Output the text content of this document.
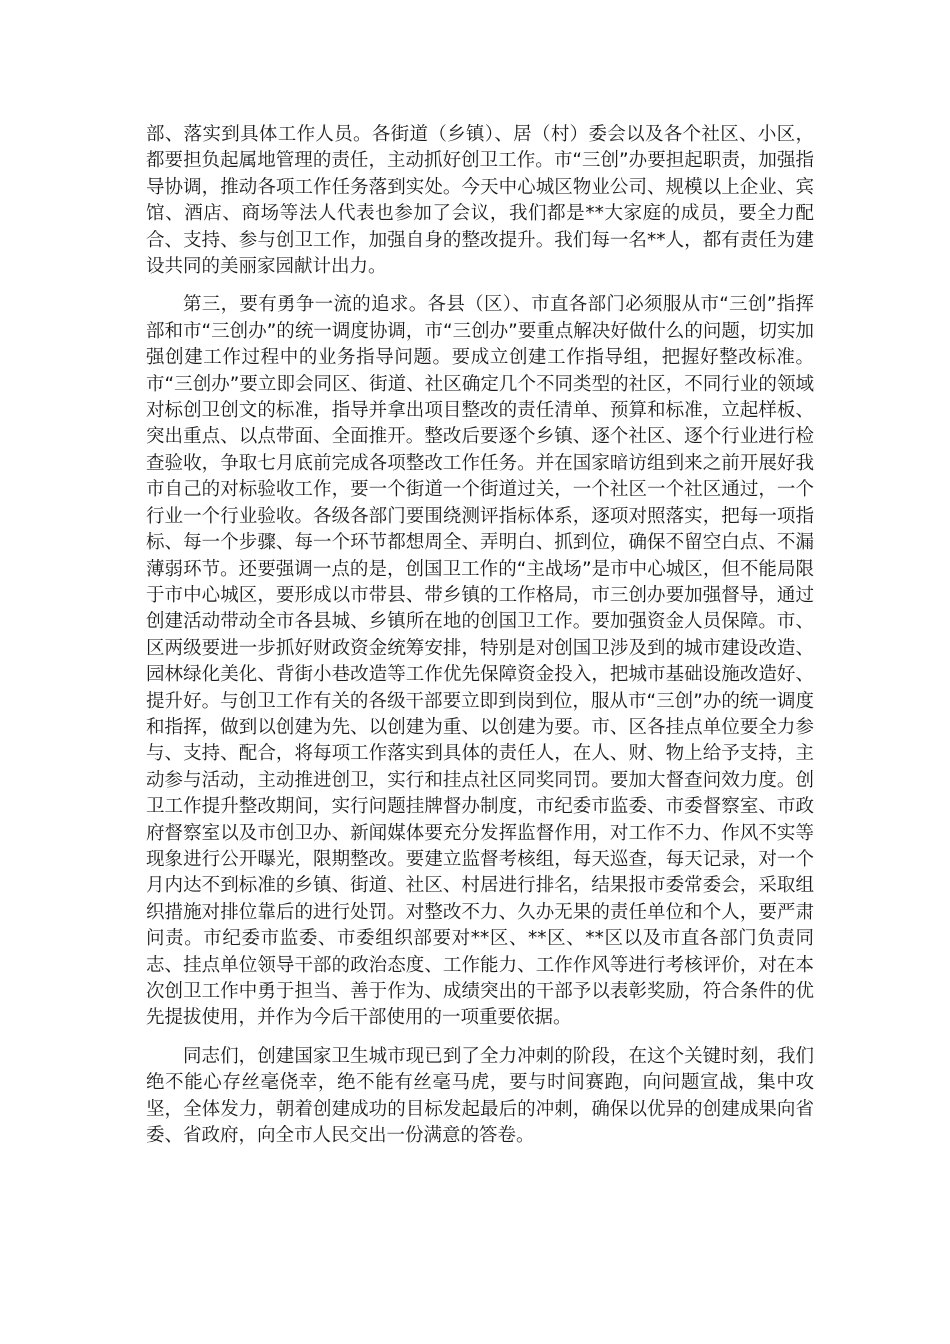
部、落实到具体工作人员。各街道（乡镇）、居（村）委会以及各个社区、小区，都要担负起属地管理的责任，主动抓好创卫工作。市“三创”办要担起职责，加强指导协调，推动各项工作任务落到实处。今天中心城区物业公司、规模以上企业、宾馆、酒店、商场等法人代表也参加了会议，我们都是**大家庭的成员，要全力配合、支持、参与创卫工作，加强自身的整改提升。我们每一名**人，都有责任为建设共同的美丽家园献计出力。

第三，要有勇争一流的追求。各县（区）、市直各部门必须服从市“三创”指挥部和市“三创办”的统一调度协调，市“三创办”要重点解决好做什么的问题，切实加强创建工作过程中的业务指导问题。要成立创建工作指导组，把握好整改标准。市“三创办”要立即会同区、街道、社区确定几个不同类型的社区，不同行业的领域对标创卫创文的标准，指导并拿出项目整改的责任清单、预算和标准，立起样板、突出重点、以点带面、全面推开。整改后要逐个乡镇、逐个社区、逐个行业进行检查验收，争取七月底前完成各项整改工作任务。并在国家暗访组到来之前开展好我市自己的对标验收工作，要一个街道一个街道过关，一个社区一个社区通过，一个行业一个行业验收。各级各部门要围绕测评指标体系，逐项对照落实，把每一项指标、每一个步骤、每一个环节都想周全、弄明白、抓到位，确保不留空白点、不漏薄弱环节。还要强调一点的是，创国卫工作的“主战场”是市中心城区，但不能局限于市中心城区，要形成以市带县、带乡镇的工作格局，市三创办要加强督导，通过创建活动带动全市各县城、乡镇所在地的创国卫工作。要加强资金人员保障。市、区两级要进一步抓好财政资金统筹安排，特别是对创国卫涉及到的城市建设改造、园林绿化美化、背街小巷改造等工作优先保障资金投入，把城市基础设施改造好、提升好。与创卫工作有关的各级干部要立即到岗到位，服从市“三创”办的统一调度和指挥，做到以创建为先、以创建为重、以创建为要。市、区各挂点单位要全力参与、支持、配合，将每项工作落实到具体的责任人，在人、财、物上给予支持，主动参与活动，主动推进创卫，实行和挂点社区同奖同罚。要加大督查问效力度。创卫工作提升整改期间，实行问题挂牌督办制度，市纪委市监委、市委督察室、市政府督察室以及市创卫办、新闻媒体要充分发挥监督作用，对工作不力、作风不实等现象进行公开曝光，限期整改。要建立监督考核组，每天巡查，每天记录，对一个月内达不到标准的乡镇、街道、社区、村居进行排名，结果报市委常委会，采取组织措施对排位靠后的进行处罚。对整改不力、久办无果的责任单位和个人，要严肃问责。市纪委市监委、市委组织部要对**区、**区、**区以及市直各部门负责同志、挂点单位领导干部的政治态度、工作能力、工作作风等进行考核评价，对在本次创卫工作中勇于担当、善于作为、成绩突出的干部予以表彰奖励，符合条件的优先提拔使用，并作为今后干部使用的一项重要依据。

同志们，创建国家卫生城市现已到了全力冲刺的阶段，在这个关键时刻，我们绝不能心存丝毫侥幸，绝不能有丝毫马虎，要与时间赛跑，向问题宣战，集中攻坚，全体发力，朝着创建成功的目标发起最后的冲刺，确保以优异的创建成果向省委、省政府，向全市人民交出一份满意的答卷。
